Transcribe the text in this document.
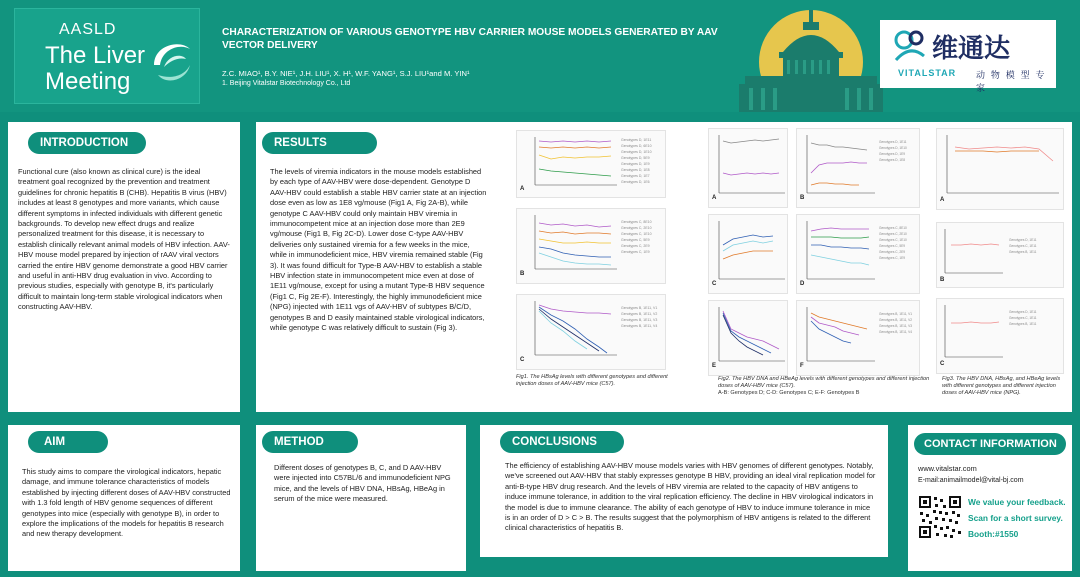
AASLD
The Liver
Meeting
CHARACTERIZATION OF VARIOUS GENOTYPE HBV CARRIER MOUSE MODELS GENERATED BY AAV VECTOR DELIVERY
Z.C. MIAO¹, B.Y. NIE¹, J.H. LIU¹, X. H¹, W.F. YANG¹, S.J. LIU¹and M. YIN¹
1. Beijing Vitalstar Biotechnology Co., Ltd
维通达
VITALSTAR 动 物 模 型 专 家
INTRODUCTION
Functional cure (also known as clinical cure) is the ideal treatment goal recognized by the prevention and treatment guidelines for chronic hepatitis B (CHB). Hepatitis B virus (HBV) includes at least 8 genotypes and more variants, which cause different symptoms in infected individuals with different genetic backgrounds. To develop new effect drugs and realize personalized treatment for this disease, it is necessary to establish clinically relevant animal models of HBV infection. AAV-HBV mouse model prepared by injection of rAAV viral vectors carried the entire HBV genome demonstrate a good HBV carrier and useful in anti-HBV drug evaluation in vivo. According to previous studies, especially with genotype B, it's particularly difficult to maintain long-term stable virological indicators when constructing AAV-HBV.
RESULTS
The levels of viremia indicators in the mouse models established by each type of AAV-HBV were dose-dependent. Genotype D AAV-HBV could establish a stable HBV carrier state at an injection dose even as low as 1E8 vg/mouse (Fig1 A, Fig 2A-B), while genotype C AAV-HBV could only maintain HBV viremia in immunocompetent mice at an injection dose more than 2E9 vg/mouse (Fig1 B, Fig 2C-D). Lower dose C-type AAV-HBV deliveries only sustained viremia for a few weeks in the mice, while in immunodeficient mice, HBV viremia remained stable (Fig 3). It was found difficult for Type-B AAV-HBV to establish a stable HBV infection state in immunocompetent mice even at dose of 1E11 vg/mouse, except for using a mutant Type-B HBV sequence (Fig1 C, Fig 2E-F). Interestingly, the highly immunodeficient mice (NPG) injected with 1E11 vgs of AAV-HBV of subtypes B/C/D, genotypes B and D easily maintained stable virological indicators, while genotype C was relatively difficult to sustain (Fig 3).
Genotypes D, 1E11
Genotypes D, 6E10
Genotypes D, 1E10
Genotypes D, 5E9
Genotypes D, 1E9
Genotypes D, 1E8
Genotypes D, 1E7
Genotypes D, 1E6
A
Genotypes C, 8E10
Genotypes C, 2E10
Genotypes C, 1E10
Genotypes C, 5E9
Genotypes C, 2E9
Genotypes C, 1E9
B
Genotypes B, 1E11, V1
Genotypes B, 1E11, V2
Genotypes B, 1E11, V3
Genotypes B, 1E11, V4
C
Fig1. The HBsAg levels with different genotypes and different injection doses of AAV-HBV mice (C57).
A
Genotypes D, 1E11
Genotypes D, 1E10
Genotypes D, 1E9
Genotypes D, 1E8
B
C
Genotypes C, 8E10
Genotypes C, 2E10
Genotypes C, 1E10
Genotypes C, 5E9
Genotypes C, 2E9
Genotypes C, 1E9
D
E
Genotypes B, 1E11, V1
Genotypes B, 1E11, V2
Genotypes B, 1E11, V3
Genotypes B, 1E11, V4
F
Fig2. The HBV DNA and HBeAg levels with different genotypes and different injection doses of AAV-HBV mice (C57).
A-B: Genotypes D; C-D: Genotypes C; E-F: Genotypes B
A
Genotypes D, 1E11
Genotypes C, 1E11
Genotypes B, 1E11
B
Genotypes D, 1E11
Genotypes C, 1E11
Genotypes B, 1E11
C
Fig3. The HBV DNA, HBsAg, and HBeAg levels with different genotypes and different injection doses of AAV-HBV mice (NPG).
AIM
This study aims to compare the virological indicators, hepatic damage, and immune tolerance characteristics of models established by injecting different doses of AAV-HBV constructed with 1.3 fold length of HBV genome sequences of different genotypes into mice (especially with genotype B), in order to explore the implications of the models for hepatitis B research and new therapy development.
METHOD
Different doses of genotypes B, C, and D AAV-HBV were injected into C57BL/6 and immunodeficient NPG mice, and the levels of HBV DNA, HBsAg, HBeAg in serum of the mice were measured.
CONCLUSIONS
The efficiency of establishing AAV-HBV mouse models varies with HBV genomes of different genotypes. Notably, we've screened out AAV-HBV that stably expresses genotype B HBV, providing an ideal viral replication model for anti-B-type HBV drug research. And the levels of HBV viremia are related to the capacity of HBV antigens to induce immune tolerance, in addition to the viral replication efficiency. The decline in HBV virological indicators in the model is due to immune clearance. The ability of each genotype of HBV to induce immune tolerance in mice is in an order of D > C > B. The results suggest that the polymorphism of HBV antigens is related to the different clinical characteristics of hepatitis B.
CONTACT INFORMATION
www.vitalstar.com
E-mail:animailmodel@vital-bj.com
We value your feedback.
Scan for a short survey.
Booth:#1550
